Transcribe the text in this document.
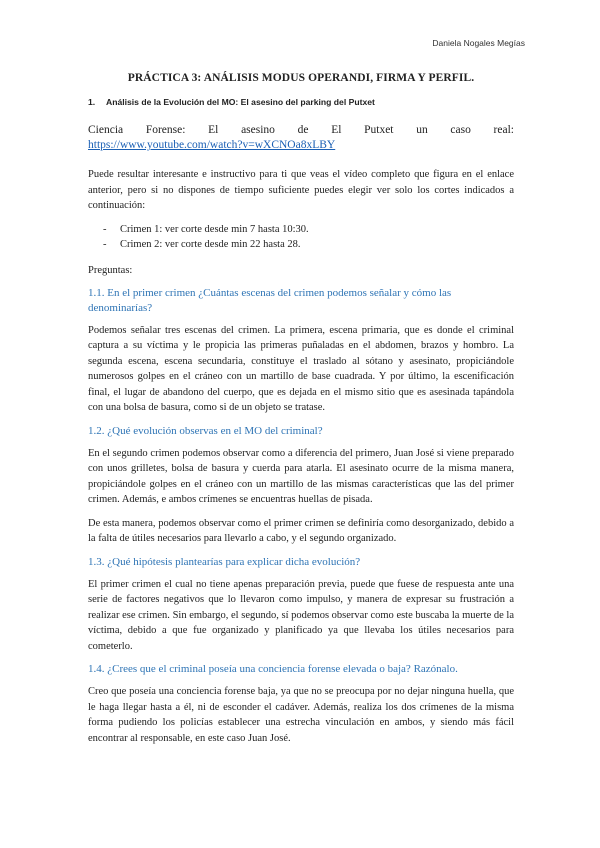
Daniela Nogales Megías
PRÁCTICA 3: ANÁLISIS MODUS OPERANDI, FIRMA Y PERFIL.
1. Análisis de la Evolución del MO: El asesino del parking del Putxet
Ciencia Forense: El asesino de El Putxet un caso real:
https://www.youtube.com/watch?v=wXCNOa8xLBY

Puede resultar interesante e instructivo para ti que veas el vídeo completo que figura en el enlace anterior, pero si no dispones de tiempo suficiente puedes elegir ver solo los cortes indicados a continuación:

- Crimen 1: ver corte desde min 7 hasta 10:30.
- Crimen 2: ver corte desde min 22 hasta 28.
Preguntas:
1.1. En el primer crimen ¿Cuántas escenas del crimen podemos señalar y cómo las denominarías?

Podemos señalar tres escenas del crimen. La primera, escena primaria, que es donde el criminal captura a su víctima y le propicia las primeras puñaladas en el abdomen, brazos y hombro. La segunda escena, escena secundaria, constituye el traslado al sótano y asesinato, propiciándole numerosos golpes en el cráneo con un martillo de base cuadrada. Y por último, la escenificación final, el lugar de abandono del cuerpo, que es dejada en el mismo sitio que es asesinada tapándola con una bolsa de basura, como si de un objeto se tratase.

1.2. ¿Qué evolución observas en el MO del criminal?

En el segundo crimen podemos observar como a diferencia del primero, Juan José si viene preparado con unos grilletes, bolsa de basura y cuerda para atarla. El asesinato ocurre de la misma manera, propiciándole golpes en el cráneo con un martillo de las mismas características que las del primer crimen. Además, e ambos crímenes se encuentras huellas de pisada.

De esta manera, podemos observar como el primer crimen se definiría como desorganizado, debido a la falta de útiles necesarios para llevarlo a cabo, y el segundo organizado.

1.3. ¿Qué hipótesis plantearías para explicar dicha evolución?

El primer crimen el cual no tiene apenas preparación previa, puede que fuese de respuesta ante una serie de factores negativos que lo llevaron como impulso, y manera de expresar su frustración a realizar ese crimen. Sin embargo, el segundo, sí podemos observar como este buscaba la muerte de la víctima, debido a que fue organizado y planificado ya que llevaba los útiles necesarios para cometerlo.

1.4. ¿Crees que el criminal poseía una conciencia forense elevada o baja? Razónalo.

Creo que poseía una conciencia forense baja, ya que no se preocupa por no dejar ninguna huella, que le haga llegar hasta a él, ni de esconder el cadáver. Además, realiza los dos crímenes de la misma forma pudiendo los policías establecer una estrecha vinculación en ambos, y siendo más fácil encontrar al responsable, en este caso Juan José.
